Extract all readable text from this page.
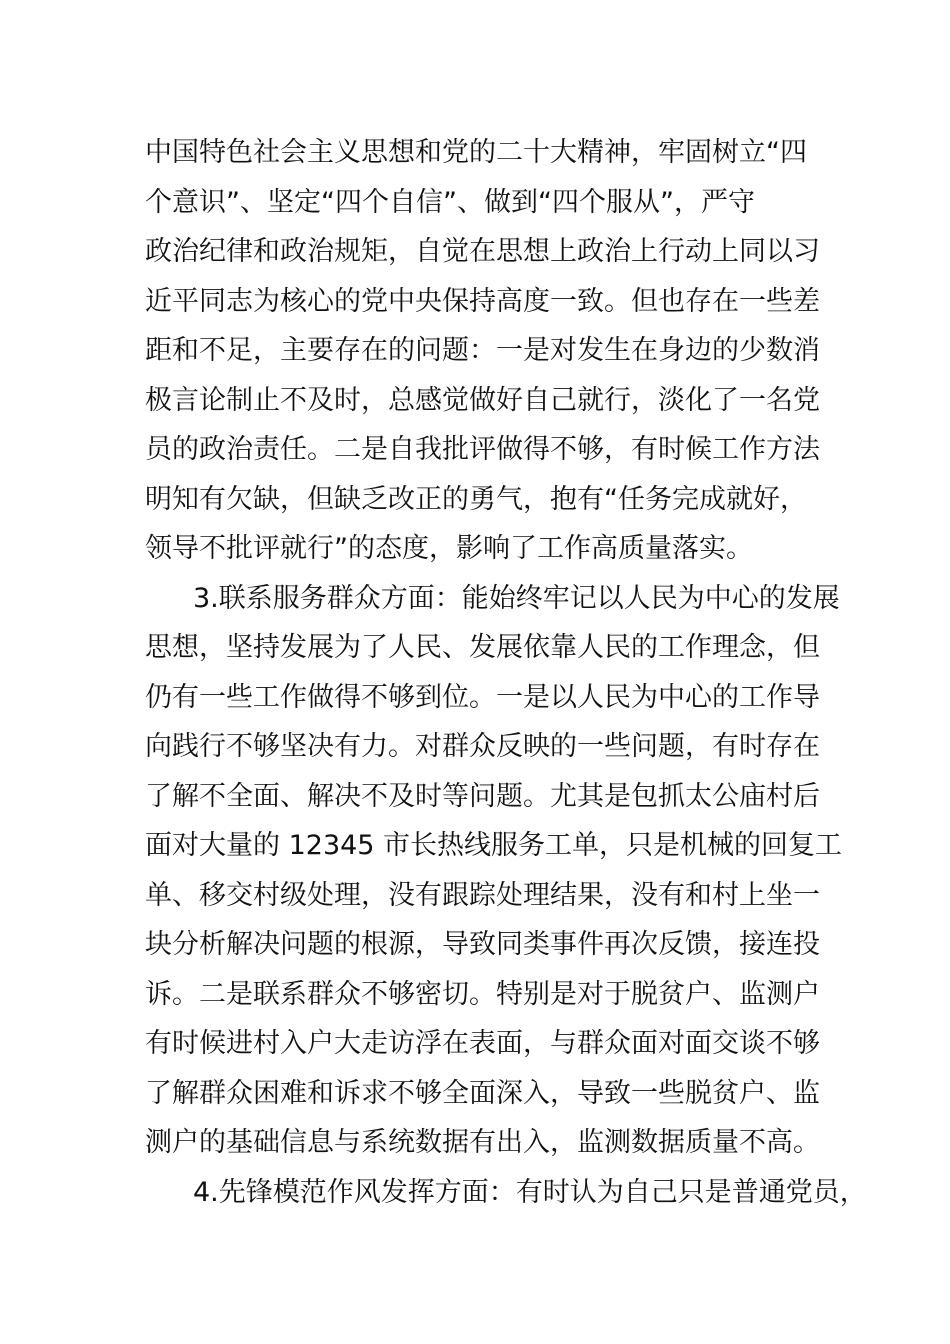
中国特色社会主义思想和党的二十大精神，牢固树立“四
个意识”、坚定“四个自信”、做到“四个服从”，严守
政治纪律和政治规矩，自觉在思想上政治上行动上同以习
近平同志为核心的党中央保持高度一致。但也存在一些差
距和不足，主要存在的问题：一是对发生在身边的少数消
极言论制止不及时，总感觉做好自己就行，淡化了一名党
员的政治责任。二是自我批评做得不够，有时候工作方法
明知有欠缺，但缺乏改正的勇气，抱有“任务完成就好，
领导不批评就行”的态度，影响了工作高质量落实。
3.联系服务群众方面：能始终牢记以人民为中心的发展
思想，坚持发展为了人民、发展依靠人民的工作理念，但
仍有一些工作做得不够到位。一是以人民为中心的工作导
向践行不够坚决有力。对群众反映的一些问题，有时存在
了解不全面、解决不及时等问题。尤其是包抓太公庙村后
面对大量的 12345 市长热线服务工单，只是机械的回复工
单、移交村级处理，没有跟踪处理结果，没有和村上坐一
块分析解决问题的根源，导致同类事件再次反馈，接连投
诉。二是联系群众不够密切。特别是对于脱贫户、监测户
有时候进村入户大走访浮在表面，与群众面对面交谈不够
了解群众困难和诉求不够全面深入，导致一些脱贫户、监
测户的基础信息与系统数据有出入，监测数据质量不高。
4.先锋模范作风发挥方面：有时认为自己只是普通党员，
